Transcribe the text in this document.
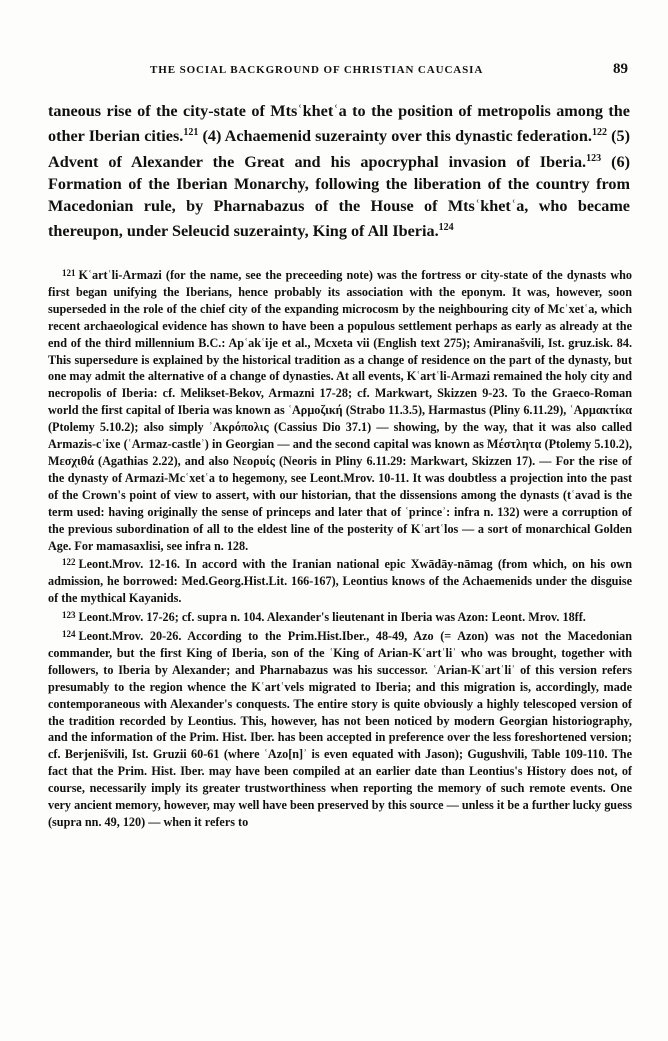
THE SOCIAL BACKGROUND OF CHRISTIAN CAUCASIA	89

taneous rise of the city-state of Mtsʿkhetʿa to the position of metropolis among the other Iberian cities.$^{121}$ (4) Achaemenid suzerainty over this dynastic federation.$^{122}$ (5) Advent of Alexander the Great and his apocryphal invasion of Iberia.$^{123}$ (6) Formation of the Iberian Monarchy, following the liberation of the country from Macedonian rule, by Pharnabazus of the House of Mtsʿkhetʿa, who became thereupon, under Seleucid suzerainty, King of All Iberia.$^{124}$

$^{121}$ Kʿartʿli-Armazi (for the name, see the preceeding note) was the fortress or city-state of the dynasts who first began unifying the Iberians, hence probably its association with the eponym. It was, however, soon superseded in the role of the chief city of the expanding microcosm by the neighbouring city of Mcʿxetʿa, which recent archaeological evidence has shown to have been a populous settlement perhaps as early as already at the end of the third millennium B.C.: Apʿakʿije et al., Mcxeta vii (English text 275); Amiranašvili, Ist. gruz.isk. 84. This supersedure is explained by the historical tradition as a change of residence on the part of the dynasty, but one may admit the alternative of a change of dynasties. At all events, Kʿartʿli-Armazi remained the holy city and necropolis of Iberia: cf. Melikset-Bekov, Armazni 17-28; cf. Markwart, Skizzen 9-23. To the Graeco-Roman world the first capital of Iberia was known as ʿΑρμοζική (Strabo 11.3.5), Harmastus (Pliny 6.11.29), ʿΑρμακτίκα (Ptolemy 5.10.2); also simply ʾΑκρόπολις (Cassius Dio 37.1) — showing, by the way, that it was also called Armazis-cʿixe (ʿArmaz-castleʾ) in Georgian — and the second capital was known as Μέστλητα (Ptolemy 5.10.2), Μεσχιθά (Agathias 2.22), and also Νεορυίς (Neoris in Pliny 6.11.29: Markwart, Skizzen 17). — For the rise of the dynasty of Armazi-Mcʿxetʿa to hegemony, see Leont.Mrov. 10-11. It was doubtless a projection into the past of the Crown's point of view to assert, with our historian, that the dissensions among the dynasts (tʿavad is the term used: having originally the sense of princeps and later that of ʿprinceʾ: infra n. 132) were a corruption of the previous subordination of all to the eldest line of the posterity of Kʿartʿlos — a sort of monarchical Golden Age. For mamasaxlisi, see infra n. 128.

$^{122}$ Leont.Mrov. 12-16. In accord with the Iranian national epic Xwādāy-nāmag (from which, on his own admission, he borrowed: Med.Georg.Hist.Lit. 166-167), Leontius knows of the Achaemenids under the disguise of the mythical Kayanids.

$^{123}$ Leont.Mrov. 17-26; cf. supra n. 104. Alexander's lieutenant in Iberia was Azon: Leont. Mrov. 18ff.

$^{124}$ Leont.Mrov. 20-26. According to the Prim.Hist.Iber., 48-49, Azo (= Azon) was not the Macedonian commander, but the first King of Iberia, son of the ʿKing of Arian-Kʿartʿliʾ who was brought, together with followers, to Iberia by Alexander; and Pharnabazus was his successor. ʿArian-Kʿartʿliʾ of this version refers presumably to the region whence the Kʿartʿvels migrated to Iberia; and this migration is, accordingly, made contemporaneous with Alexander's conquests. The entire story is quite obviously a highly telescoped version of the tradition recorded by Leontius. This, however, has not been noticed by modern Georgian historiography, and the information of the Prim. Hist. Iber. has been accepted in preference over the less foreshortened version; cf. Berjenišvili, Ist. Gruzii 60-61 (where ʿAzo[n]ʾ is even equated with Jason); Gugushvili, Table 109-110. The fact that the Prim. Hist. Iber. may have been compiled at an earlier date than Leontius's History does not, of course, necessarily imply its greater trustworthiness when reporting the memory of such remote events. One very ancient memory, however, may well have been preserved by this source — unless it be a further lucky guess (supra nn. 49, 120) — when it refers to
